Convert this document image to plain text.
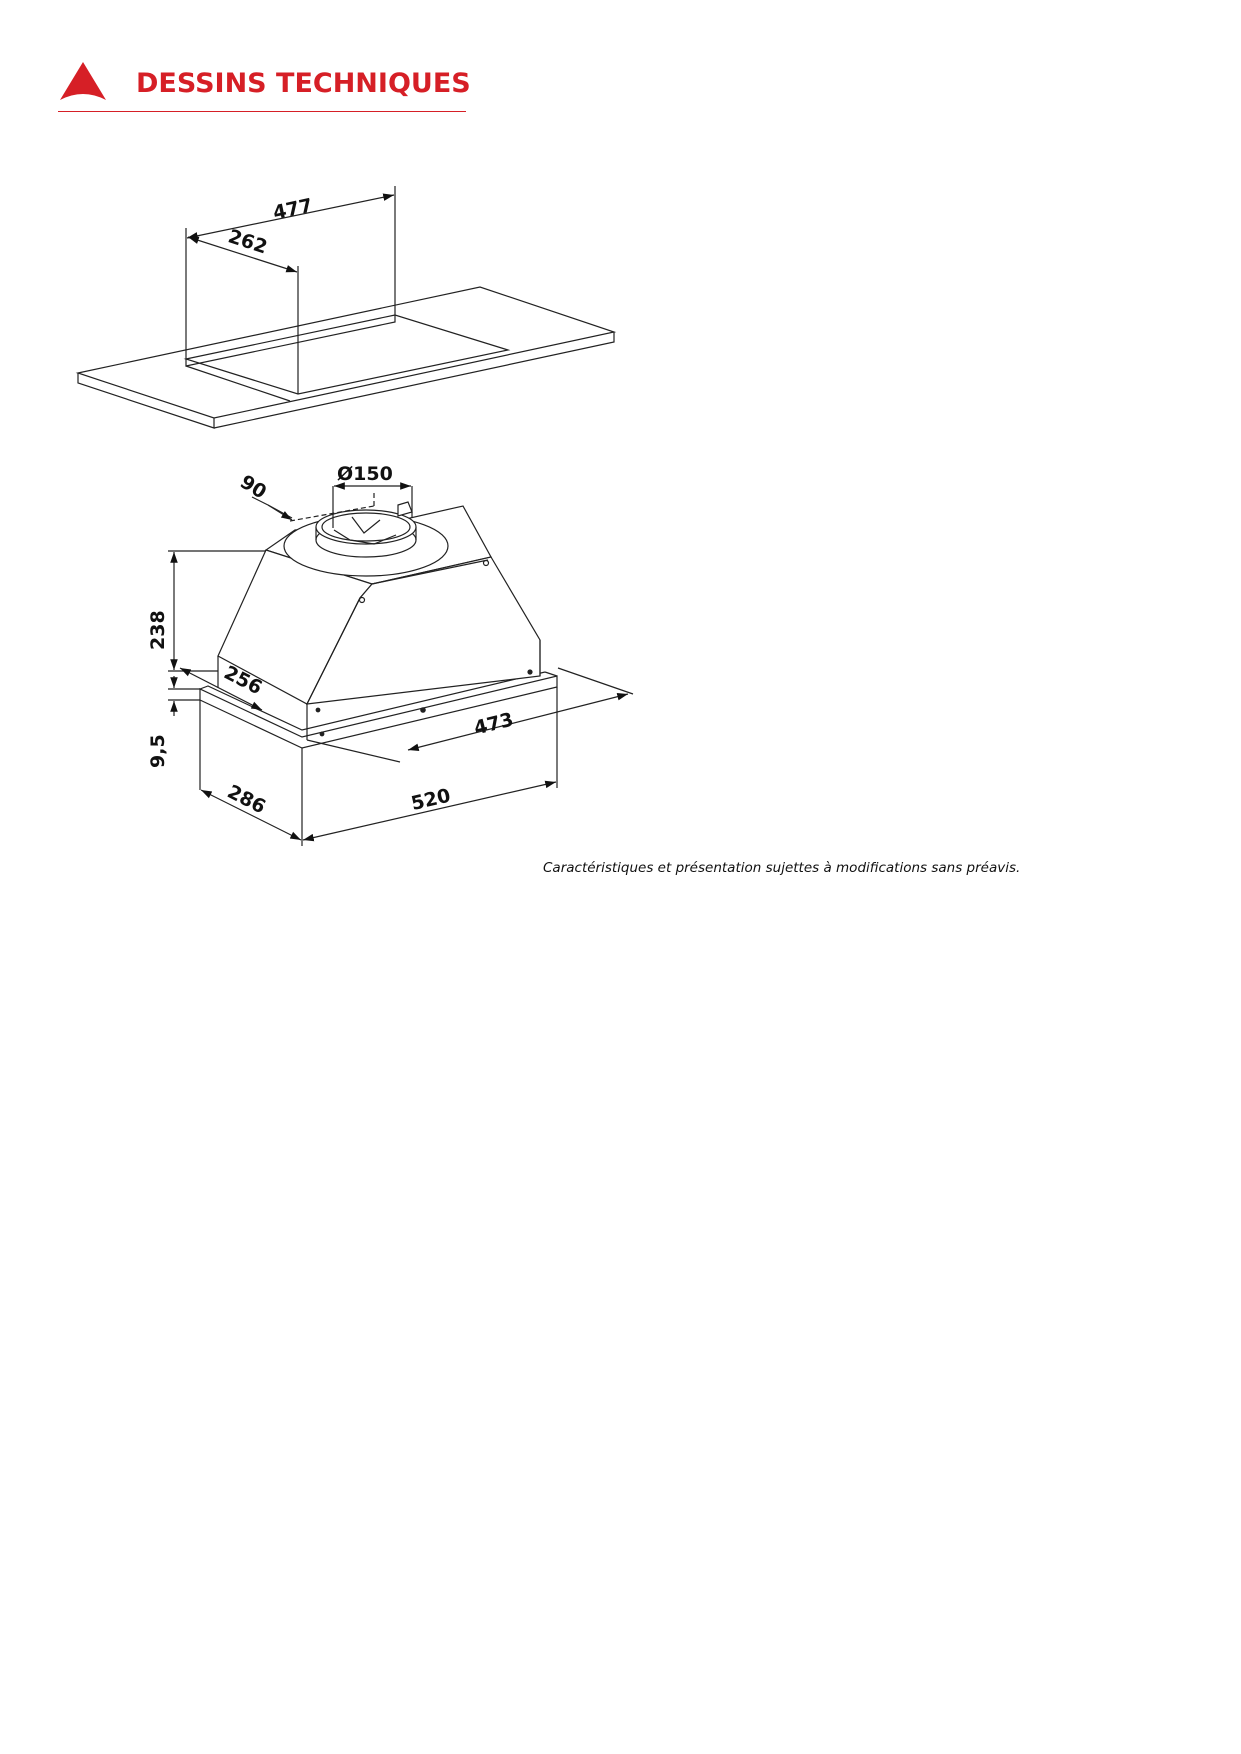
DESSINS TECHNIQUES
477
262
Ø150
90
238
9,5
256
473
286	520
Caractéristiques et présentation sujettes à modifications sans préavis.
